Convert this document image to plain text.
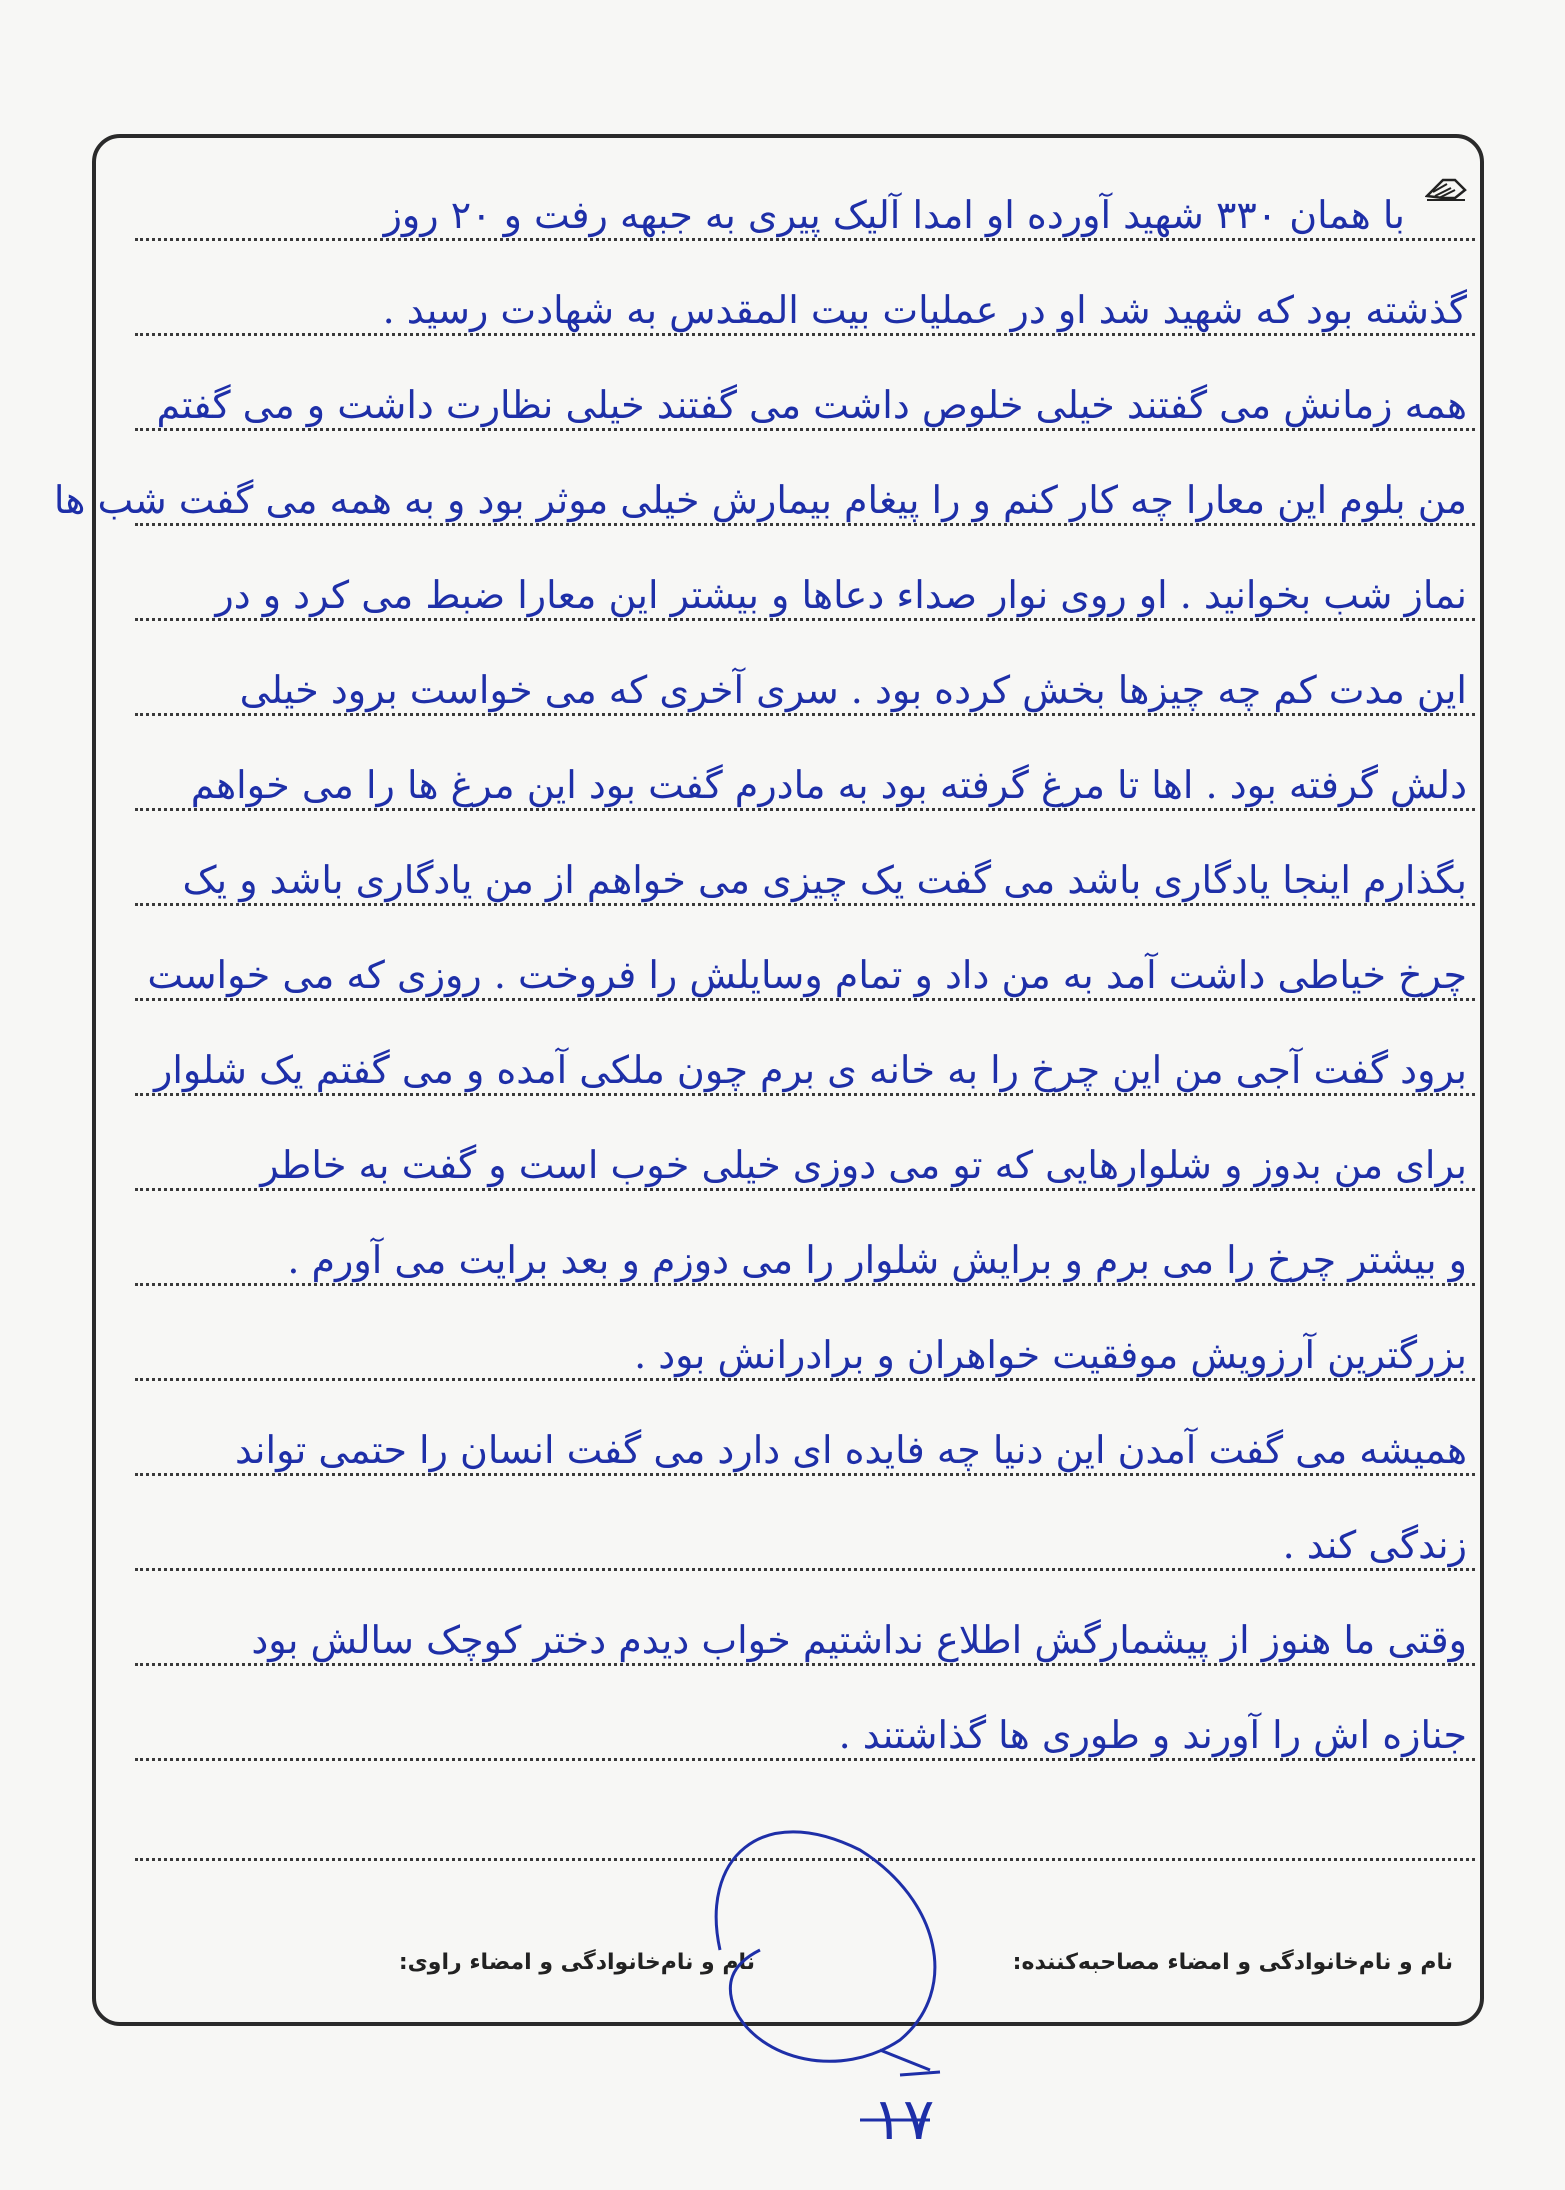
با همان ۳۳۰ شهید آورده او امدا آلیک پیری به جبهه رفت و ۲۰ روز
گذشته بود که شهید شد او در عملیات بیت المقدس به شهادت رسید .
همه زمانش می گفتند خیلی خلوص داشت می گفتند خیلی نظارت داشت و می گفتم
من بلوم این معارا چه کار کنم و را پیغام بیمارش خیلی موثر بود و به همه می گفت شب ها
نماز شب بخوانید . او روی نوار صداء دعاها و بیشتر این معارا ضبط می کرد و در
این مدت کم چه چیزها بخش کرده بود . سری آخری که می خواست برود خیلی
دلش گرفته بود . اها تا مرغ گرفته بود به مادرم گفت بود این مرغ ها را می خواهم
بگذارم اینجا یادگاری باشد می گفت یک چیزی می خواهم از من یادگاری باشد و یک
چرخ خیاطی داشت آمد به من داد و تمام وسایلش را فروخت . روزی که می خواست
برود گفت آجی من این چرخ را به خانه ی برم چون ملکی آمده و می گفتم یک شلوار
برای من بدوز و شلوارهایی که تو می دوزی خیلی خوب است و گفت به خاطر
و بیشتر چرخ را می برم و برایش شلوار را می دوزم و بعد برایت می آورم .
بزرگترین آرزویش موفقیت خواهران و برادرانش بود .
همیشه می گفت آمدن این دنیا چه فایده ای دارد می گفت انسان را حتمی تواند
زندگی کند .
وقتی ما هنوز از پیشمارگش اطلاع نداشتیم خواب دیدم دختر کوچک سالش بود
جنازه اش را آورند و طوری ها گذاشتند .
نام و نام‌خانوادگی و امضاء مصاحبه‌کننده:
نام و نام‌خانوادگی و امضاء راوی:
۱۷
